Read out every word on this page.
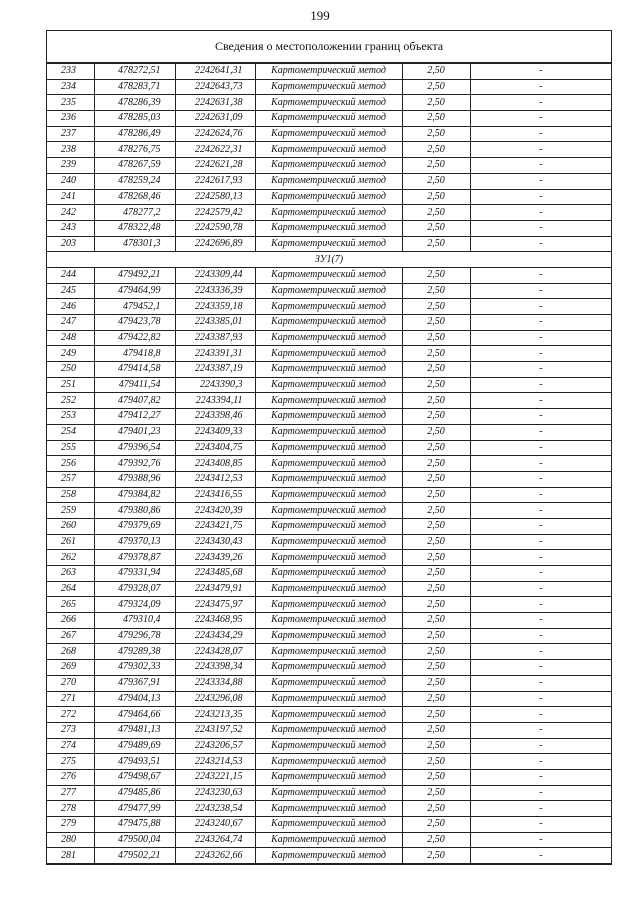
199
Сведения о местоположении границ объекта
233	478272,51	2242641,31	Картометрический метод	2,50	-
234	478283,71	2242643,73	Картометрический метод	2,50	-
235	478286,39	2242631,38	Картометрический метод	2,50	-
236	478285,03	2242631,09	Картометрический метод	2,50	-
237	478286,49	2242624,76	Картометрический метод	2,50	-
238	478276,75	2242622,31	Картометрический метод	2,50	-
239	478267,59	2242621,28	Картометрический метод	2,50	-
240	478259,24	2242617,93	Картометрический метод	2,50	-
241	478268,46	2242580,13	Картометрический метод	2,50	-
242	478277,2	2242579,42	Картометрический метод	2,50	-
243	478322,48	2242590,78	Картометрический метод	2,50	-
203	478301,3	2242696,89	Картометрический метод	2,50	-
ЗУ1(7)					
244	479492,21	2243309,44	Картометрический метод	2,50	-
245	479464,99	2243336,39	Картометрический метод	2,50	-
246	479452,1	2243359,18	Картометрический метод	2,50	-
247	479423,78	2243385,01	Картометрический метод	2,50	-
248	479422,82	2243387,93	Картометрический метод	2,50	-
249	479418,8	2243391,31	Картометрический метод	2,50	-
250	479414,58	2243387,19	Картометрический метод	2,50	-
251	479411,54	2243390,3	Картометрический метод	2,50	-
252	479407,82	2243394,11	Картометрический метод	2,50	-
253	479412,27	2243398,46	Картометрический метод	2,50	-
254	479401,23	2243409,33	Картометрический метод	2,50	-
255	479396,54	2243404,75	Картометрический метод	2,50	-
256	479392,76	2243408,85	Картометрический метод	2,50	-
257	479388,96	2243412,53	Картометрический метод	2,50	-
258	479384,82	2243416,55	Картометрический метод	2,50	-
259	479380,86	2243420,39	Картометрический метод	2,50	-
260	479379,69	2243421,75	Картометрический метод	2,50	-
261	479370,13	2243430,43	Картометрический метод	2,50	-
262	479378,87	2243439,26	Картометрический метод	2,50	-
263	479331,94	2243485,68	Картометрический метод	2,50	-
264	479328,07	2243479,91	Картометрический метод	2,50	-
265	479324,09	2243475,97	Картометрический метод	2,50	-
266	479310,4	2243468,95	Картометрический метод	2,50	-
267	479296,78	2243434,29	Картометрический метод	2,50	-
268	479289,38	2243428,07	Картометрический метод	2,50	-
269	479302,33	2243398,34	Картометрический метод	2,50	-
270	479367,91	2243334,88	Картометрический метод	2,50	-
271	479404,13	2243296,08	Картометрический метод	2,50	-
272	479464,66	2243213,35	Картометрический метод	2,50	-
273	479481,13	2243197,52	Картометрический метод	2,50	-
274	479489,69	2243206,57	Картометрический метод	2,50	-
275	479493,51	2243214,53	Картометрический метод	2,50	-
276	479498,67	2243221,15	Картометрический метод	2,50	-
277	479485,86	2243230,63	Картометрический метод	2,50	-
278	479477,99	2243238,54	Картометрический метод	2,50	-
279	479475,88	2243240,67	Картометрический метод	2,50	-
280	479500,04	2243264,74	Картометрический метод	2,50	-
281	479502,21	2243262,66	Картометрический метод	2,50	-
